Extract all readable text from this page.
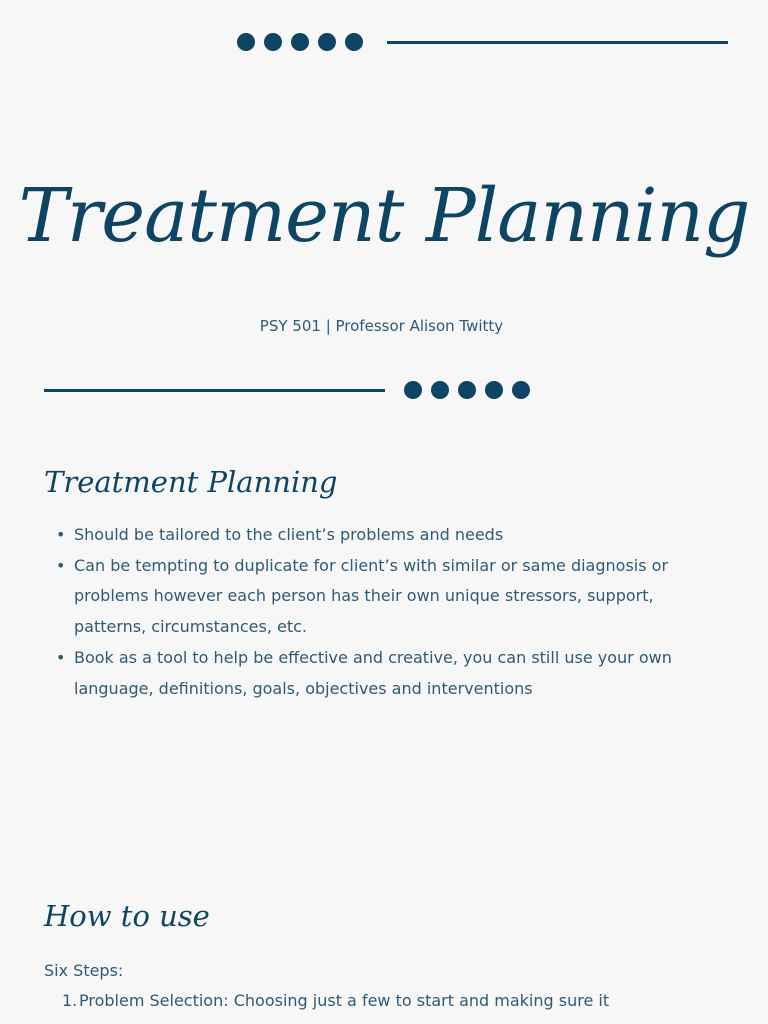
Treatment Planning
PSY 501 | Professor Alison Twitty
Treatment Planning
• Should be tailored to the client’s problems and needs
• Can be tempting to duplicate for client’s with similar or same diagnosis or problems however each person has their own unique stressors, support, patterns, circumstances, etc.
• Book as a tool to help be effective and creative, you can still use your own language, definitions, goals, objectives and interventions
How to use
Six Steps:
1. Problem Selection: Choosing just a few to start and making sure it
